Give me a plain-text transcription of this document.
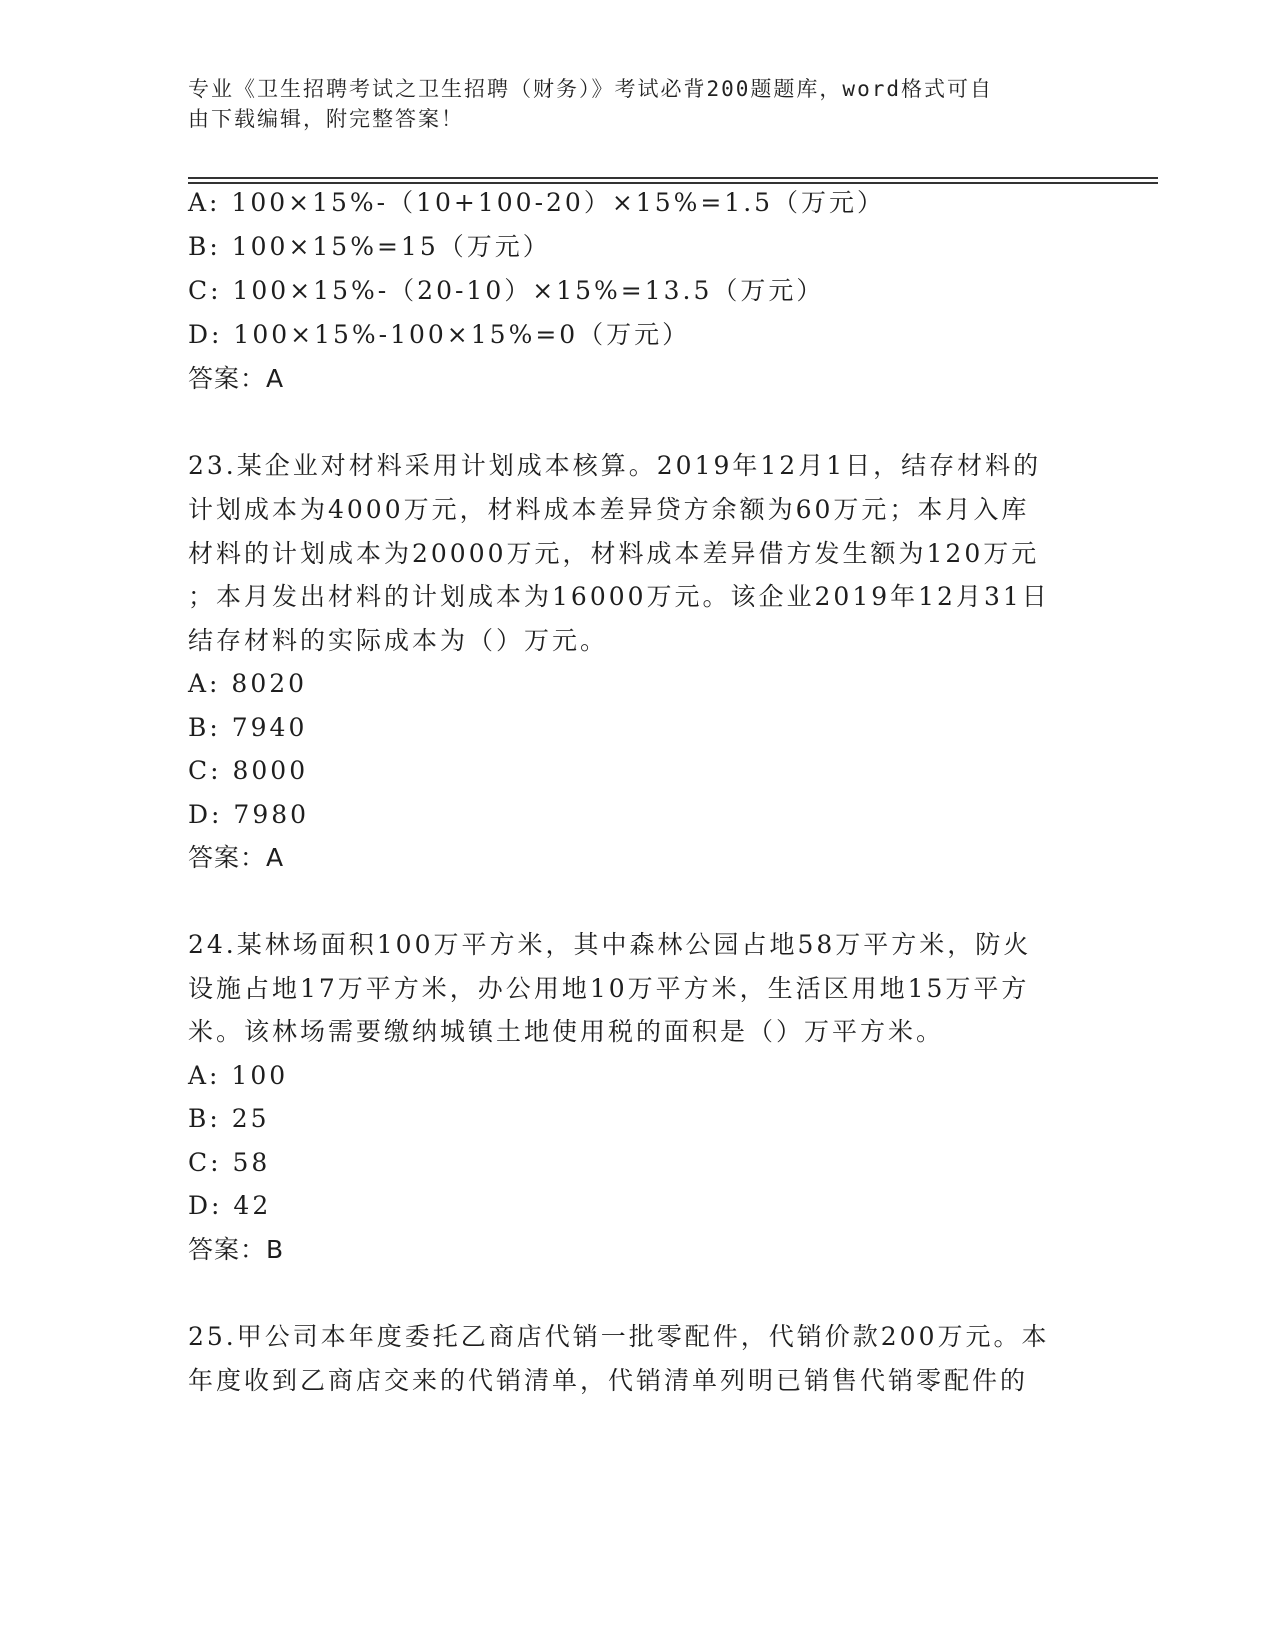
专业《卫生招聘考试之卫生招聘（财务）》考试必背200题题库，word格式可自
由下载编辑，附完整答案！
A: 100×15%-（10+100-20）×15%=1.5（万元）
B: 100×15%=15（万元）
C: 100×15%-（20-10）×15%=13.5（万元）
D: 100×15%-100×15%=0（万元）
答案：A
23.某企业对材料采用计划成本核算。2019年12月1日，结存材料的
计划成本为4000万元，材料成本差异贷方余额为60万元；本月入库
材料的计划成本为20000万元，材料成本差异借方发生额为120万元
；本月发出材料的计划成本为16000万元。该企业2019年12月31日
结存材料的实际成本为（）万元。
A: 8020
B: 7940
C: 8000
D: 7980
答案：A
24.某林场面积100万平方米，其中森林公园占地58万平方米，防火
设施占地17万平方米，办公用地10万平方米，生活区用地15万平方
米。该林场需要缴纳城镇土地使用税的面积是（）万平方米。
A: 100
B: 25
C: 58
D: 42
答案：B
25.甲公司本年度委托乙商店代销一批零配件，代销价款200万元。本
年度收到乙商店交来的代销清单，代销清单列明已销售代销零配件的
